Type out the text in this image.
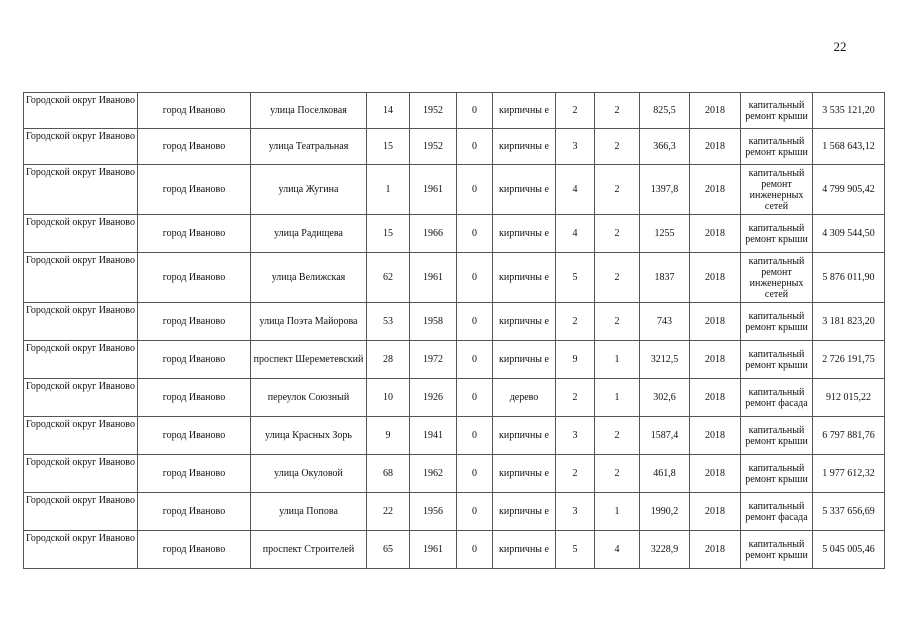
22
Городской округ Иваново	город Иваново	улица Поселковая	14	1952	0	кирпичны е	2	2	825,5	2018	капитальный ремонт крыши	3 535 121,20
Городской округ Иваново	город Иваново	улица Театральная	15	1952	0	кирпичны е	3	2	366,3	2018	капитальный ремонт крыши	1 568 643,12
Городской округ Иваново	город Иваново	улица Жугина	1	1961	0	кирпичны е	4	2	1397,8	2018	капитальный ремонт инженерных сетей	4 799 905,42
Городской округ Иваново	город Иваново	улица Радищева	15	1966	0	кирпичны е	4	2	1255	2018	капитальный ремонт крыши	4 309 544,50
Городской округ Иваново	город Иваново	улица Велижская	62	1961	0	кирпичны е	5	2	1837	2018	капитальный ремонт инженерных сетей	5 876 011,90
Городской округ Иваново	город Иваново	улица Поэта Майорова	53	1958	0	кирпичны е	2	2	743	2018	капитальный ремонт крыши	3 181 823,20
Городской округ Иваново	город Иваново	проспект Шереметевский	28	1972	0	кирпичны е	9	1	3212,5	2018	капитальный ремонт крыши	2 726 191,75
Городской округ Иваново	город Иваново	переулок Союзный	10	1926	0	дерево	2	1	302,6	2018	капитальный ремонт фасада	912 015,22
Городской округ Иваново	город Иваново	улица Красных Зорь	9	1941	0	кирпичны е	3	2	1587,4	2018	капитальный ремонт крыши	6 797 881,76
Городской округ Иваново	город Иваново	улица Окуловой	68	1962	0	кирпичны е	2	2	461,8	2018	капитальный ремонт крыши	1 977 612,32
Городской округ Иваново	город Иваново	улица Попова	22	1956	0	кирпичны е	3	1	1990,2	2018	капитальный ремонт фасада	5 337 656,69
Городской округ Иваново	город Иваново	проспект Строителей	65	1961	0	кирпичны е	5	4	3228,9	2018	капитальный ремонт крыши	5 045 005,46
